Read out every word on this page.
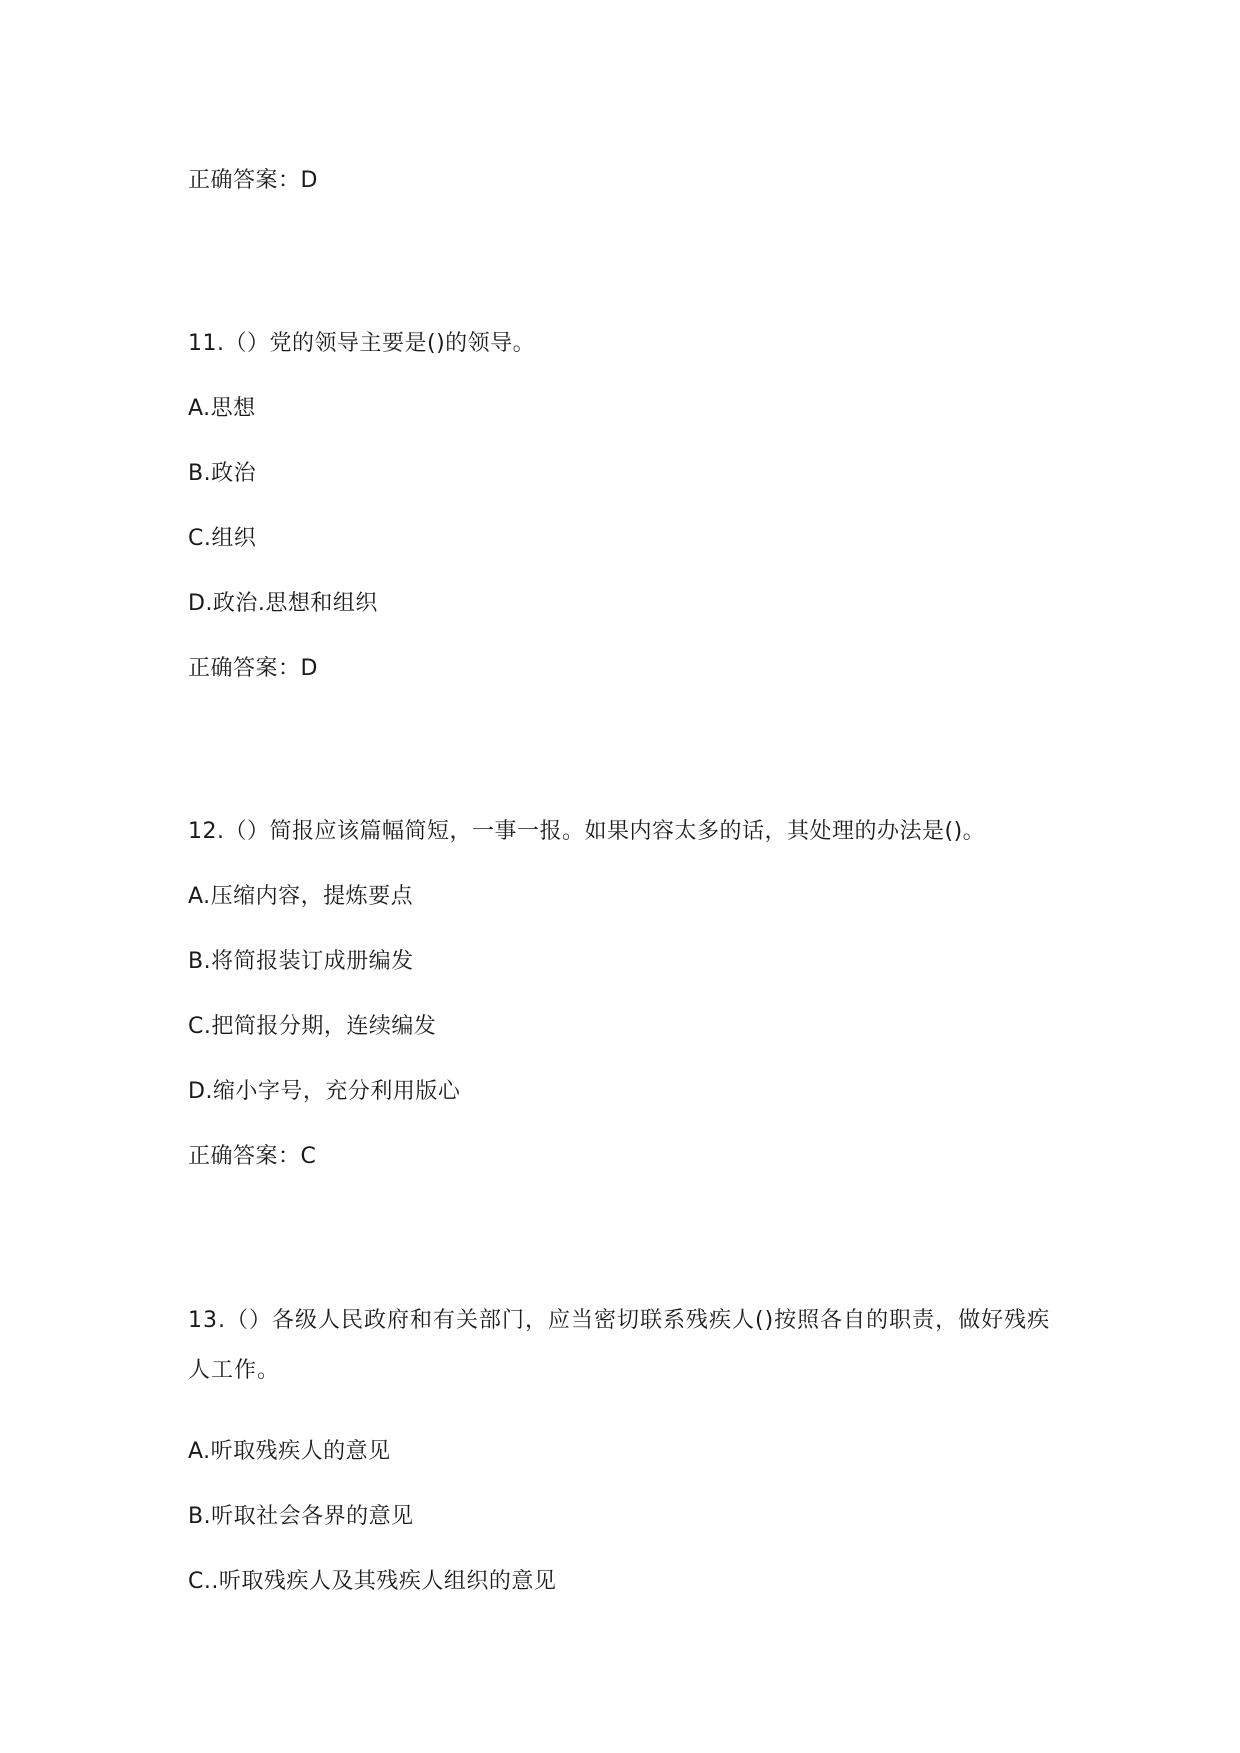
正确答案：D
11.（）党的领导主要是()的领导。
A.思想
B.政治
C.组织
D.政治.思想和组织
正确答案：D
12.（）简报应该篇幅简短，一事一报。如果内容太多的话，其处理的办法是()。
A.压缩内容，提炼要点
B.将简报装订成册编发
C.把简报分期，连续编发
D.缩小字号，充分利用版心
正确答案：C
13.（）各级人民政府和有关部门，应当密切联系残疾人()按照各自的职责，做好残疾人工作。
A.听取残疾人的意见
B.听取社会各界的意见
C..听取残疾人及其残疾人组织的意见
